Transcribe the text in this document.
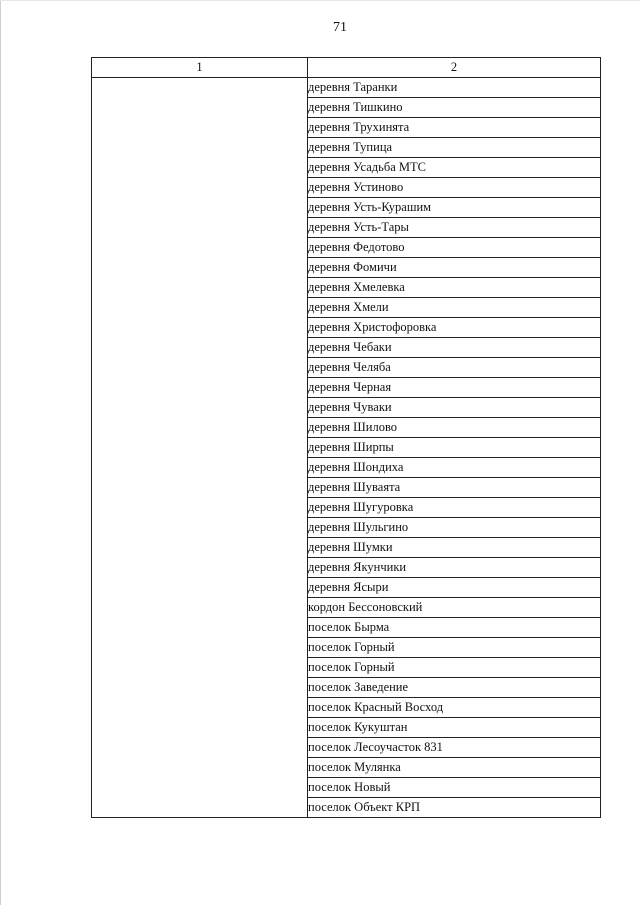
71
1	2
	деревня Таранки
	деревня Тишкино
	деревня Трухинята
	деревня Тупица
	деревня Усадьба МТС
	деревня Устиново
	деревня Усть-Курашим
	деревня Усть-Тары
	деревня Федотово
	деревня Фомичи
	деревня Хмелевка
	деревня Хмели
	деревня Христофоровка
	деревня Чебаки
	деревня Челяба
	деревня Черная
	деревня Чуваки
	деревня Шилово
	деревня Ширпы
	деревня Шондиха
	деревня Шуваята
	деревня Шугуровка
	деревня Шульгино
	деревня Шумки
	деревня Якунчики
	деревня Ясыри
	кордон Бессоновский
	поселок Бырма
	поселок Горный
	поселок Горный
	поселок Заведение
	поселок Красный Восход
	поселок Кукуштан
	поселок Лесоучасток 831
	поселок Мулянка
	поселок Новый
	поселок Объект КРП
